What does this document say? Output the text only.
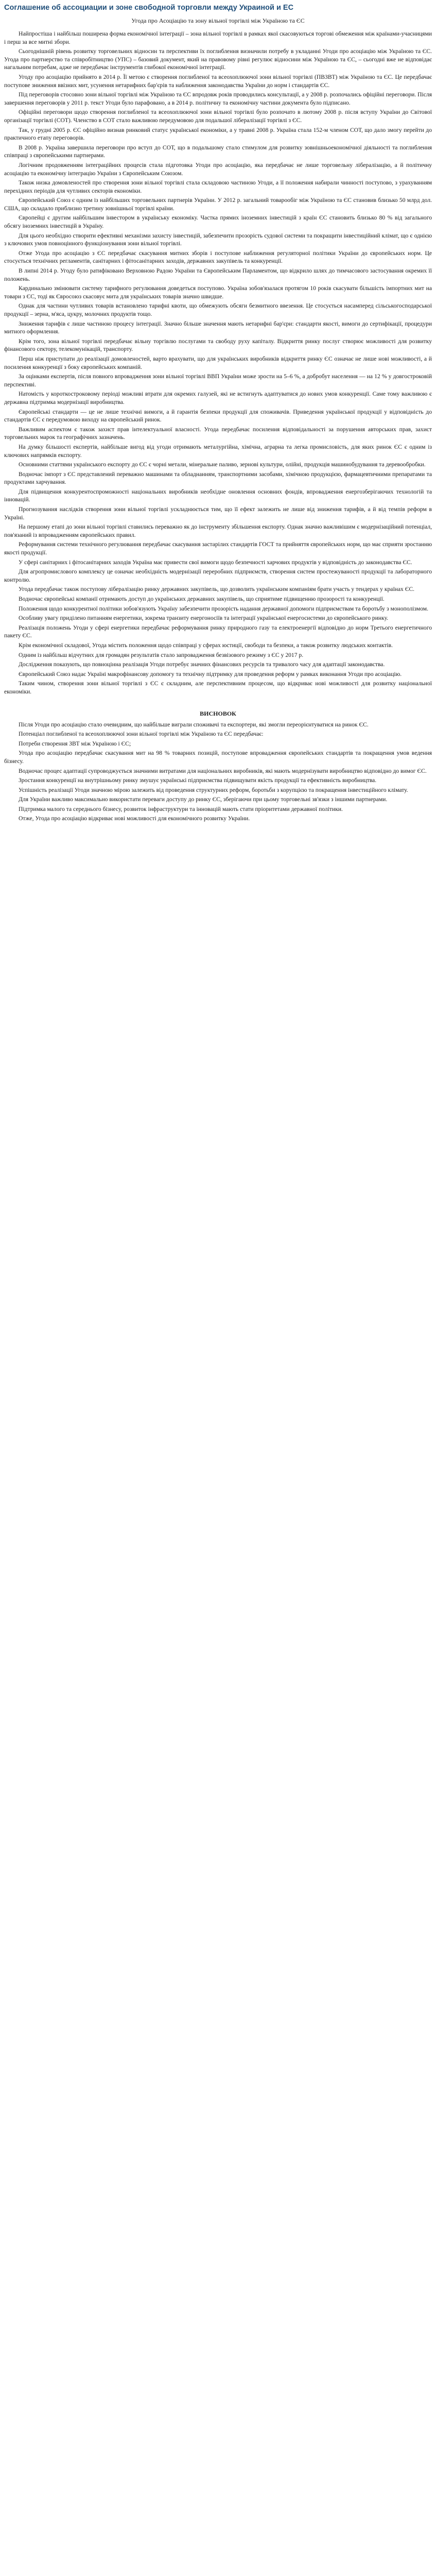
Соглашение об ассоциации и зоне свободной торговли между Украиной и ЕС
Угода про Асоціацію та зону вільної торгівлі між Україною та ЄС

Найпростіша і найбільш поширена форма економічної інтеграції – зона вільної торгівлі в рамках якої скасовуються торгові обмеження між країнами-учасницями і перш за все митні збори.

Сьогоднішній рівень розвитку торговельних відносин та перспективи їх поглиблення визначили потребу в укладанні Угоди про асоціацію між Україною та ЄС. Угода про партнерство та співробітництво (УПС) – базовий документ, який на правовому рівні регулює відносини між Україною та ЄС, – сьогодні вже не відповідає нагальним потребам, адже не передбачає інструментів глибокої економічної інтеграції.

Угоду про асоціацію прийнято в 2014 р. Її метою є створення поглибленої та всеохоплюючої зони вільної торгівлі (ПВЗВТ) між Україною та ЄС. Це передбачає поступове зниження ввізних мит, усунення нетарифних бар'єрів та наближення законодавства України до норм і стандартів ЄС.

Під переговорів стосовно зони вільної торгівлі між Україною та ЄС впродовж років проводились консультації, а у 2008 р. розпочались офіційні переговори. Після завершення переговорів у 2011 р. текст Угоди було парафовано, а в 2014 р. політичну та економічну частини документа було підписано.

Офіційні переговори щодо створення поглибленої та всеохоплюючої зони вільної торгівлі було розпочато в лютому 2008 р. після вступу України до Світової організації торгівлі (СОТ). Членство в СОТ стало важливою передумовою для подальшої лібералізації торгівлі з ЄС.

Так, у грудні 2005 р. ЄС офіційно визнав ринковий статус української економіки, а у травні 2008 р. Україна стала 152-м членом СОТ, що дало змогу перейти до практичного етапу переговорів.

В 2008 р. Україна завершила переговори про вступ до СОТ, що в подальшому стало стимулом для розвитку зовнішньоекономічної діяльності та поглиблення співпраці з європейськими партнерами.

Логічним продовженням інтеграційних процесів стала підготовка Угоди про асоціацію, яка передбачає не лише торговельну лібералізацію, а й політичну асоціацію та економічну інтеграцію України з Європейським Союзом.

Також низка домовленостей про створення зони вільної торгівлі стала складовою частиною Угоди, а її положення набирали чинності поступово, з урахуванням перехідних періодів для чутливих секторів економіки.

Європейський Союз є одним із найбільших торговельних партнерів України. У 2012 р. загальний товарообіг між Україною та ЄС становив близько 50 млрд дол. США, що складало приблизно третину зовнішньої торгівлі країни.

Європейці є другим найбільшим інвестором в українську економіку. Частка прямих іноземних інвестицій з країн ЄС становить близько 80 % від загального обсягу іноземних інвестицій в Україну.

Для цього необхідно створити ефективні механізми захисту інвестицій, забезпечити прозорість судової системи та покращити інвестиційний клімат, що є однією з ключових умов повноцінного функціонування зони вільної торгівлі.

Отже Угода про асоціацію з ЄС передбачає скасування митних зборів і поступове наближення регуляторної політики України до європейських норм. Це стосується технічних регламентів, санітарних і фітосанітарних заходів, державних закупівель та конкуренції.

В липні 2014 р. Угоду було ратифіковано Верховною Радою України та Європейським Парламентом, що відкрило шлях до тимчасового застосування окремих її положень.

Кардинально змінювати систему тарифного регулювання доведеться поступово. Україна зобов'язалася протягом 10 років скасувати більшість імпортних мит на товари з ЄС, тоді як Євросоюз скасовує мита для українських товарів значно швидше.

Однак для частини чутливих товарів встановлено тарифні квоти, що обмежують обсяги безмитного ввезення. Це стосується насамперед сільськогосподарської продукції – зерна, м'яса, цукру, молочних продуктів тощо.

Зниження тарифів є лише частиною процесу інтеграції. Значно більше значення мають нетарифні бар'єри: стандарти якості, вимоги до сертифікації, процедури митного оформлення.

Крім того, зона вільної торгівлі передбачає вільну торгівлю послугами та свободу руху капіталу. Відкриття ринку послуг створює можливості для розвитку фінансового сектору, телекомунікацій, транспорту.

Перш ніж приступати до реалізації домовленостей, варто врахувати, що для українських виробників відкриття ринку ЄС означає не лише нові можливості, а й посилення конкуренції з боку європейських компаній.

За оцінками експертів, після повного впровадження зони вільної торгівлі ВВП України може зрости на 5–6 %, а добробут населення — на 12 % у довгостроковій перспективі.

Натомість у короткостроковому періоді можливі втрати для окремих галузей, які не встигнуть адаптуватися до нових умов конкуренції. Саме тому важливою є державна підтримка модернізації виробництва.

Європейські стандарти — це не лише технічні вимоги, а й гарантія безпеки продукції для споживачів. Приведення української продукції у відповідність до стандартів ЄС є передумовою виходу на європейський ринок.

Важливим аспектом є також захист прав інтелектуальної власності. Угода передбачає посилення відповідальності за порушення авторських прав, захист торговельних марок та географічних зазначень.

На думку більшості експертів, найбільше вигод від угоди отримають металургійна, хімічна, аграрна та легка промисловість, для яких ринок ЄС є одним із ключових напрямків експорту.

Основними статтями українського експорту до ЄС є чорні метали, мінеральне паливо, зернові культури, олійні, продукція машинобудування та деревообробки.

Водночас імпорт з ЄС представлений переважно машинами та обладнанням, транспортними засобами, хімічною продукцією, фармацевтичними препаратами та продуктами харчування.

Для підвищення конкурентоспроможності національних виробників необхідне оновлення основних фондів, впровадження енергозберігаючих технологій та інновацій.

Прогнозування наслідків створення зони вільної торгівлі ускладнюється тим, що її ефект залежить не лише від зниження тарифів, а й від темпів реформ в Україні.

На першому етапі до зони вільної торгівлі ставились переважно як до інструменту збільшення експорту. Однак значно важливішим є модернізаційний потенціал, пов'язаний із впровадженням європейських правил.

Реформування системи технічного регулювання передбачає скасування застарілих стандартів ГОСТ та прийняття європейських норм, що має сприяти зростанню якості продукції.

У сфері санітарних і фітосанітарних заходів Україна має привести свої вимоги щодо безпечності харчових продуктів у відповідність до законодавства ЄС.

Для агропромислового комплексу це означає необхідність модернізації переробних підприємств, створення систем простежуваності продукції та лабораторного контролю.

Угода передбачає також поступову лібералізацію ринку державних закупівель, що дозволить українським компаніям брати участь у тендерах у країнах ЄС.

Водночас європейські компанії отримають доступ до українських державних закупівель, що сприятиме підвищенню прозорості та конкуренції.

Положення щодо конкурентної політики зобов'язують Україну забезпечити прозорість надання державної допомоги підприємствам та боротьбу з монополізмом.

Особливу увагу приділено питанням енергетики, зокрема транзиту енергоносіїв та інтеграції української енергосистеми до європейського ринку.

Реалізація положень Угоди у сфері енергетики передбачає реформування ринку природного газу та електроенергії відповідно до норм Третього енергетичного пакету ЄС.

Крім економічної складової, Угода містить положення щодо співпраці у сферах юстиції, свободи та безпеки, а також розвитку людських контактів.

Одним із найбільш відчутних для громадян результатів стало запровадження безвізового режиму з ЄС у 2017 р.

Дослідження показують, що повноцінна реалізація Угоди потребує значних фінансових ресурсів та тривалого часу для адаптації законодавства.

Європейський Союз надає Україні макрофінансову допомогу та технічну підтримку для проведення реформ у рамках виконання Угоди про асоціацію.

Таким чином, створення зони вільної торгівлі з ЄС є складним, але перспективним процесом, що відкриває нові можливості для розвитку національної економіки.

ВИСНОВОК

Після Угоди про асоціацію стало очевидним, що найбільше виграли споживачі та експортери, які змогли переорієнтуватися на ринок ЄС.

Потенціал поглибленої та всеохоплюючої зони вільної торгівлі між Україною та ЄС передбачає:

Потреби створення ЗВТ між Україною і ЄС;

Угода про асоціацію передбачає скасування мит на 98 % товарних позицій, поступове впровадження європейських стандартів та покращення умов ведення бізнесу.

Водночас процес адаптації супроводжується значними витратами для національних виробників, які мають модернізувати виробництво відповідно до вимог ЄС.

Зростання конкуренції на внутрішньому ринку змушує українські підприємства підвищувати якість продукції та ефективність виробництва.

Успішність реалізації Угоди значною мірою залежить від проведення структурних реформ, боротьби з корупцією та покращення інвестиційного клімату.

Для України важливо максимально використати переваги доступу до ринку ЄС, зберігаючи при цьому торговельні зв'язки з іншими партнерами.

Підтримка малого та середнього бізнесу, розвиток інфраструктури та інновацій мають стати пріоритетами державної політики.

Отже, Угода про асоціацію відкриває нові можливості для економічного розвитку України.
